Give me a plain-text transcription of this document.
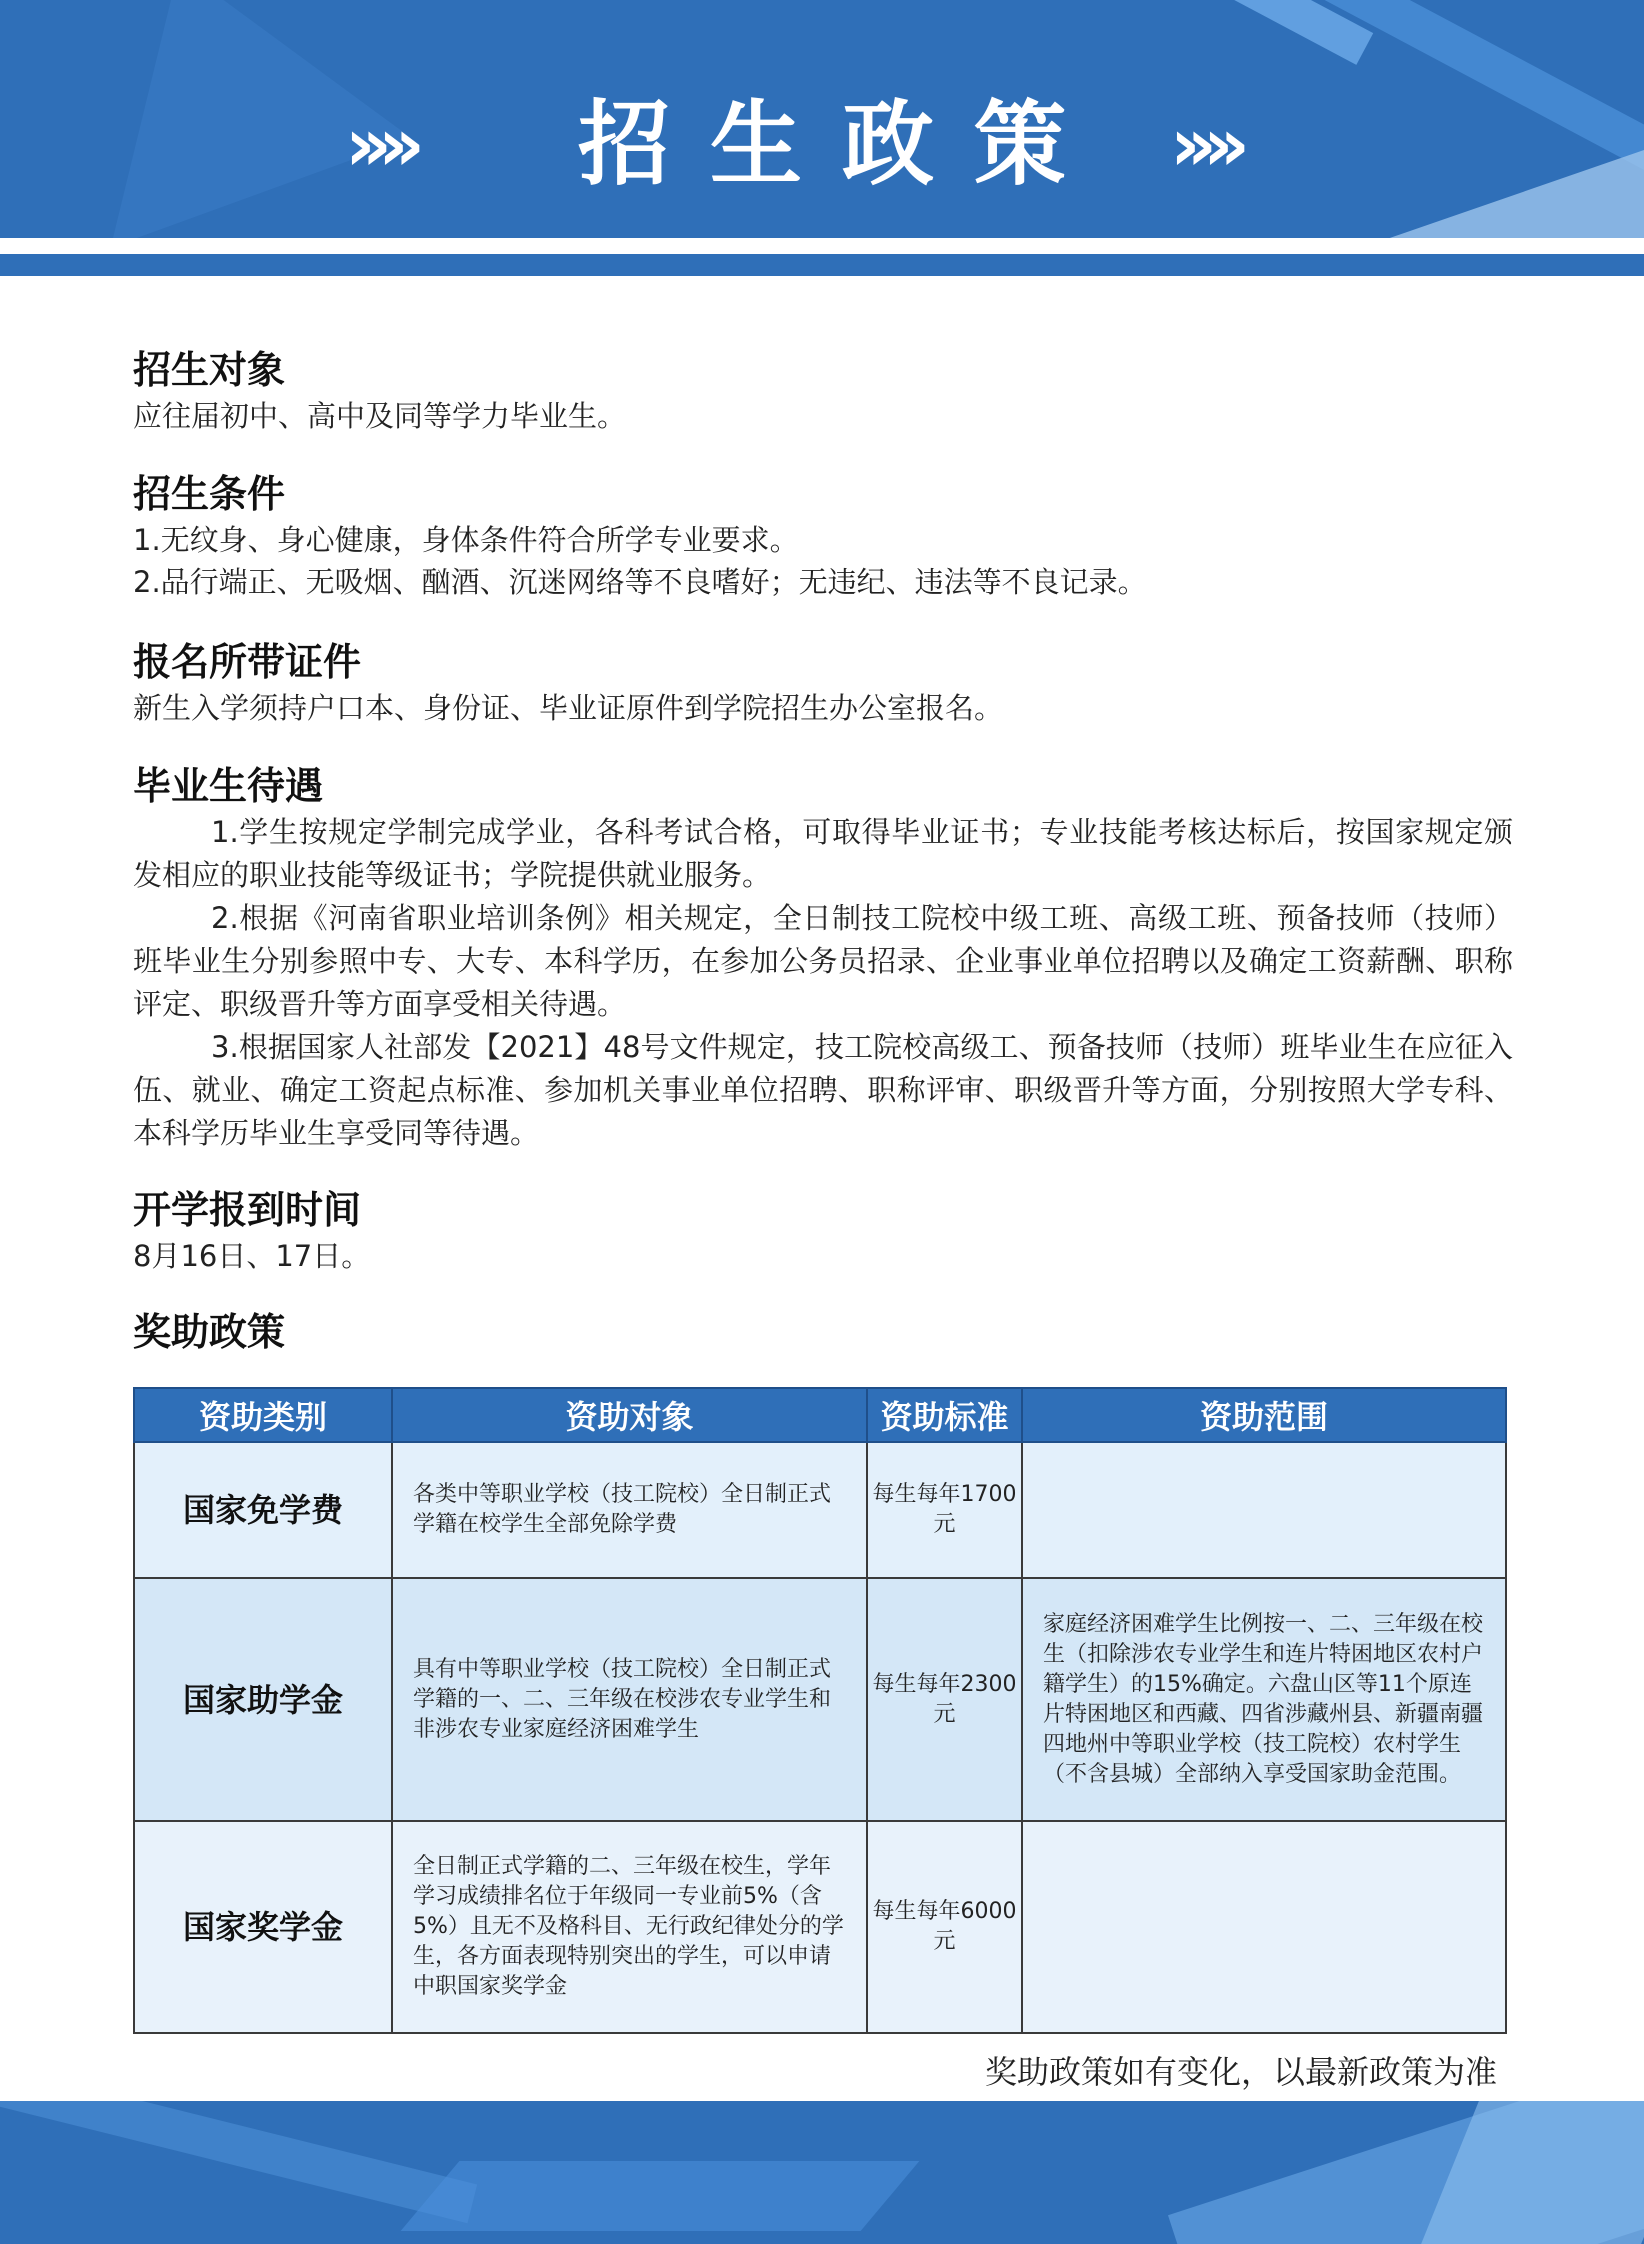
››››	招生政策 ››››
招生对象
应往届初中、高中及同等学力毕业生。
招生条件
1.无纹身、身心健康，身体条件符合所学专业要求。
2.品行端正、无吸烟、酗酒、沉迷网络等不良嗜好；无违纪、违法等不良记录。
报名所带证件
新生入学须持户口本、身份证、毕业证原件到学院招生办公室报名。
毕业生待遇
1.学生按规定学制完成学业，各科考试合格，可取得毕业证书；专业技能考核达标后，按国家规定颁发相应的职业技能等级证书；学院提供就业服务。
2.根据《河南省职业培训条例》相关规定，全日制技工院校中级工班、高级工班、预备技师（技师）班毕业生分别参照中专、大专、本科学历，在参加公务员招录、企业事业单位招聘以及确定工资薪酬、职称评定、职级晋升等方面享受相关待遇。
3.根据国家人社部发【2021】48号文件规定，技工院校高级工、预备技师（技师）班毕业生在应征入伍、就业、确定工资起点标准、参加机关事业单位招聘、职称评审、职级晋升等方面，分别按照大学专科、本科学历毕业生享受同等待遇。
开学报到时间
8月16日、17日。
奖助政策
资助类别	资助对象	资助标准	资助范围
国家免学费	各类中等职业学校（技工院校）全日制正式学籍在校学生全部免除学费	每生每年1700元	
国家助学金	具有中等职业学校（技工院校）全日制正式学籍的一、二、三年级在校涉农专业学生和非涉农专业家庭经济困难学生	每生每年2300元	家庭经济困难学生比例按一、二、三年级在校生（扣除涉农专业学生和连片特困地区农村户籍学生）的15%确定。六盘山区等11个原连片特困地区和西藏、四省涉藏州县、新疆南疆四地州中等职业学校（技工院校）农村学生（不含县城）全部纳入享受国家助金范围。
国家奖学金	全日制正式学籍的二、三年级在校生，学年学习成绩排名位于年级同一专业前5%（含5%）且无不及格科目、无行政纪律处分的学生，各方面表现特别突出的学生，可以申请中职国家奖学金	每生每年6000元	
奖助政策如有变化，以最新政策为准
